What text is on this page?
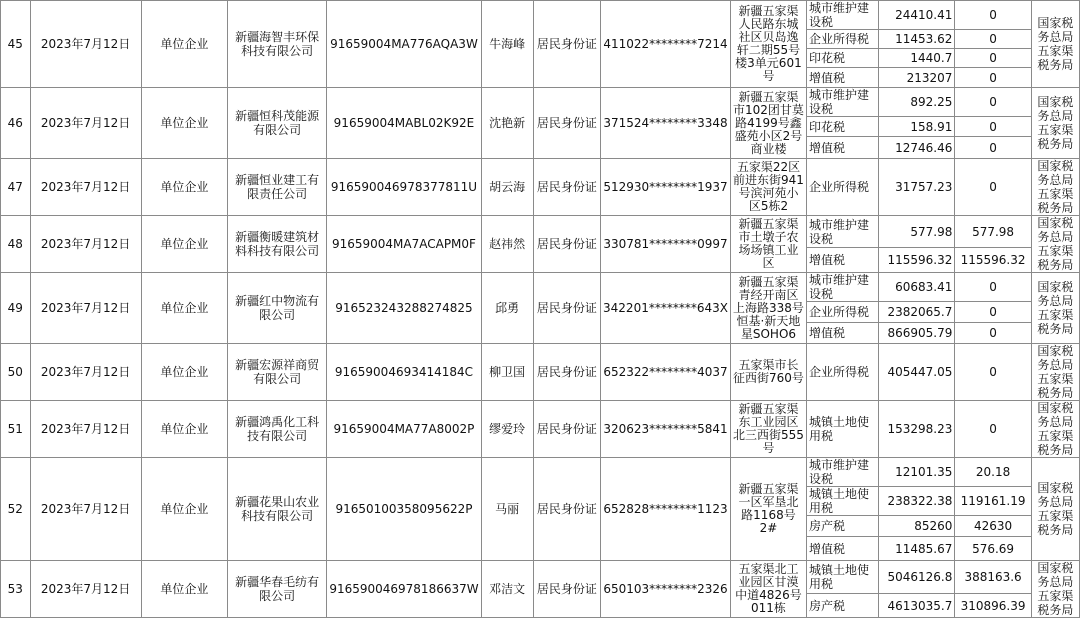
45	2023年7月12日	单位企业	新疆海智丰环保科技有限公司	91659004MA776AQA3W	牛海峰	居民身份证	411022********7214	新疆五家渠人民路东城社区贝岛逸轩二期55号楼3单元601号	城市维护建设税	24410.41	0	国家税务总局五家渠税务局
									企业所得税	11453.62	0	
									印花税	1440.7	0	
									增值税	213207	0	
46	2023年7月12日	单位企业	新疆恒科茂能源有限公司	91659004MABL02K92E	沈艳新	居民身份证	371524********3348	新疆五家渠市102团甘莫路4199号鑫盛苑小区2号商业楼	城市维护建设税	892.25	0	国家税务总局五家渠税务局
									印花税	158.91	0	
									增值税	12746.46	0	
47	2023年7月12日	单位企业	新疆恒业建工有限责任公司	916590046978377811U	胡云海	居民身份证	512930********1937	五家渠22区前进东街941号滨河苑小区5栋2	企业所得税	31757.23	0	国家税务总局五家渠税务局
48	2023年7月12日	单位企业	新疆衡暖建筑材料科技有限公司	91659004MA7ACAPM0F	赵祎然	居民身份证	330781********0997	新疆五家渠市土墩子农场场镇工业区	城市维护建设税	577.98	577.98	国家税务总局五家渠税务局
									增值税	115596.32	115596.32	
49	2023年7月12日	单位企业	新疆红中物流有限公司	916523243288274825	邱勇	居民身份证	342201********643X	新疆五家渠青经开南区上海路338号恒基·新天地星SOHO6	城市维护建设税	60683.41	0	国家税务总局五家渠税务局
									企业所得税	2382065.7	0	
									增值税	866905.79	0	
50	2023年7月12日	单位企业	新疆宏源祥商贸有限公司	91659004693414184C	柳卫国	居民身份证	652322********4037	五家渠市长征西街760号	企业所得税	405447.05	0	国家税务总局五家渠税务局
51	2023年7月12日	单位企业	新疆鸿禹化工科技有限公司	91659004MA77A8002P	缪爱玲	居民身份证	320623********5841	新疆五家渠东工业园区北三西街555号	城镇土地使用税	153298.23	0	国家税务总局五家渠税务局
52	2023年7月12日	单位企业	新疆花果山农业科技有限公司	91650100358095622P	马丽	居民身份证	652828********1123	新疆五家渠一区军垦北路1168号2#	城市维护建设税	12101.35	20.18	国家税务总局五家渠税务局
									城镇土地使用税	238322.38	119161.19	
									房产税	85260	42630	
									增值税	11485.67	576.69	
53	2023年7月12日	单位企业	新疆华春毛纺有限公司	916590046978186637W	邓洁文	居民身份证	650103********2326	五家渠北工业园区甘漠中道4826号011栋	城镇土地使用税	5046126.8	388163.6	国家税务总局五家渠税务局
									房产税	4613035.7	310896.39	
